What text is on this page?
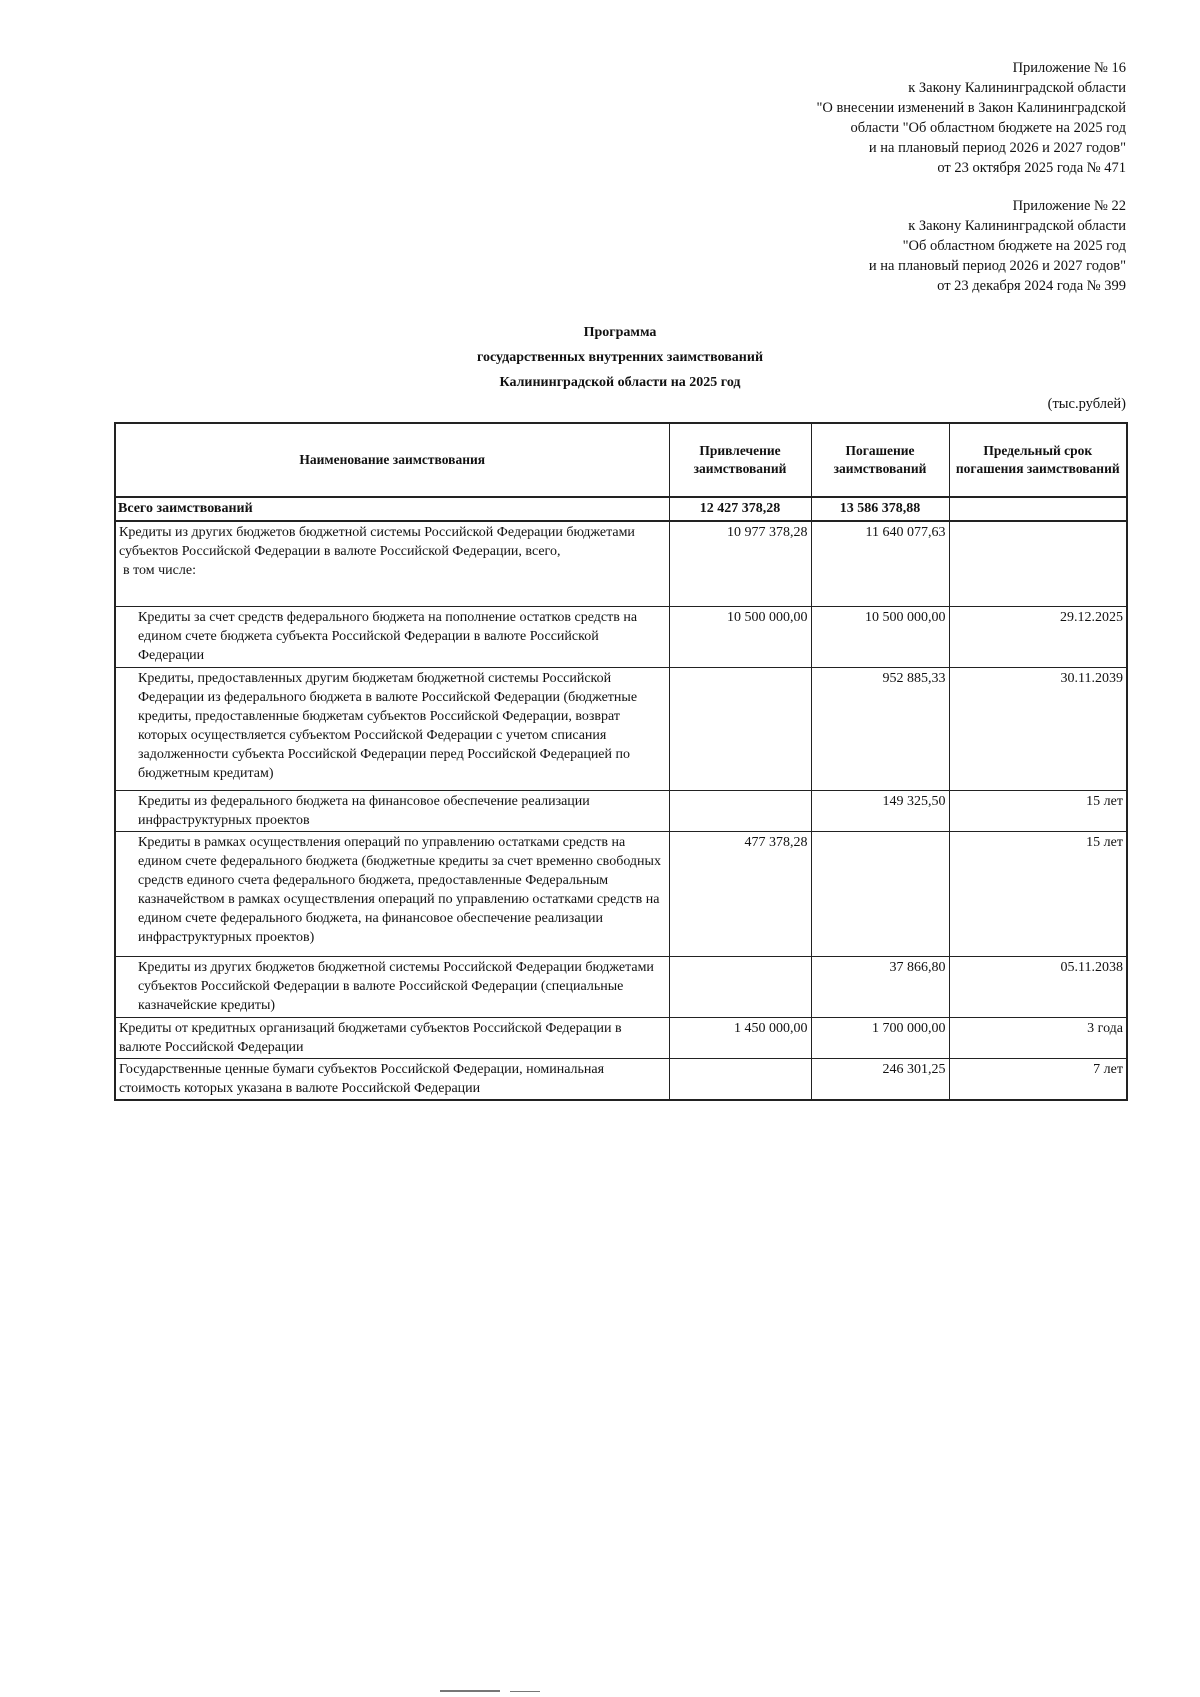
Приложение № 16
к Закону Калининградской области
"О внесении изменений в Закон Калининградской
области "Об областном бюджете на 2025 год
и на плановый период 2026 и 2027 годов"
от 23 октября 2025 года № 471
Приложение № 22
к Закону Калининградской области
"Об областном бюджете на 2025 год
и на плановый период 2026 и 2027 годов"
от 23 декабря 2024 года № 399
Программа
государственных внутренних заимствований
Калининградской области на 2025 год
(тыс.рублей)
Наименование заимствования	Привлечение заимствований	Погашение заимствований	Предельный срок погашения заимствований
Всего заимствований	12 427 378,28	13 586 378,88	

Кредиты из других бюджетов бюджетной системы Российской Федерации бюджетами субъектов Российской Федерации в валюте Российской Федерации, всего,
в том числе:	10 977 378,28	11 640 077,63	
Кредиты за счет средств федерального бюджета на пополнение остатков средств на едином счете бюджета субъекта Российской Федерации в валюте Российской Федерации	10 500 000,00	10 500 000,00	29.12.2025
Кредиты, предоставленных другим бюджетам бюджетной системы Российской Федерации из федерального бюджета в валюте Российской Федерации (бюджетные кредиты, предоставленные бюджетам субъектов Российской Федерации, возврат которых осуществляется субъектом Российской Федерации с учетом списания задолженности субъекта Российской Федерации перед Российской Федерацией по бюджетным кредитам)		952 885,33	30.11.2039
Кредиты из федерального бюджета на финансовое обеспечение реализации инфраструктурных проектов		149 325,50	15 лет
Кредиты в рамках осуществления операций по управлению остатками средств на едином счете федерального бюджета (бюджетные кредиты за счет временно свободных средств единого счета федерального бюджета, предоставленные Федеральным казначейством в рамках осуществления операций по управлению остатками средств на едином счете федерального бюджета, на финансовое обеспечение реализации инфраструктурных проектов)	477 378,28		15 лет
Кредиты из других бюджетов бюджетной системы Российской Федерации бюджетами субъектов Российской Федерации в валюте Российской Федерации (специальные казначейские кредиты)		37 866,80	05.11.2038
Кредиты от кредитных организаций бюджетами субъектов Российской Федерации в валюте Российской Федерации	1 450 000,00	1 700 000,00	3 года
Государственные ценные бумаги субъектов Российской Федерации, номинальная стоимость которых указана в валюте Российской Федерации		246 301,25	7 лет
